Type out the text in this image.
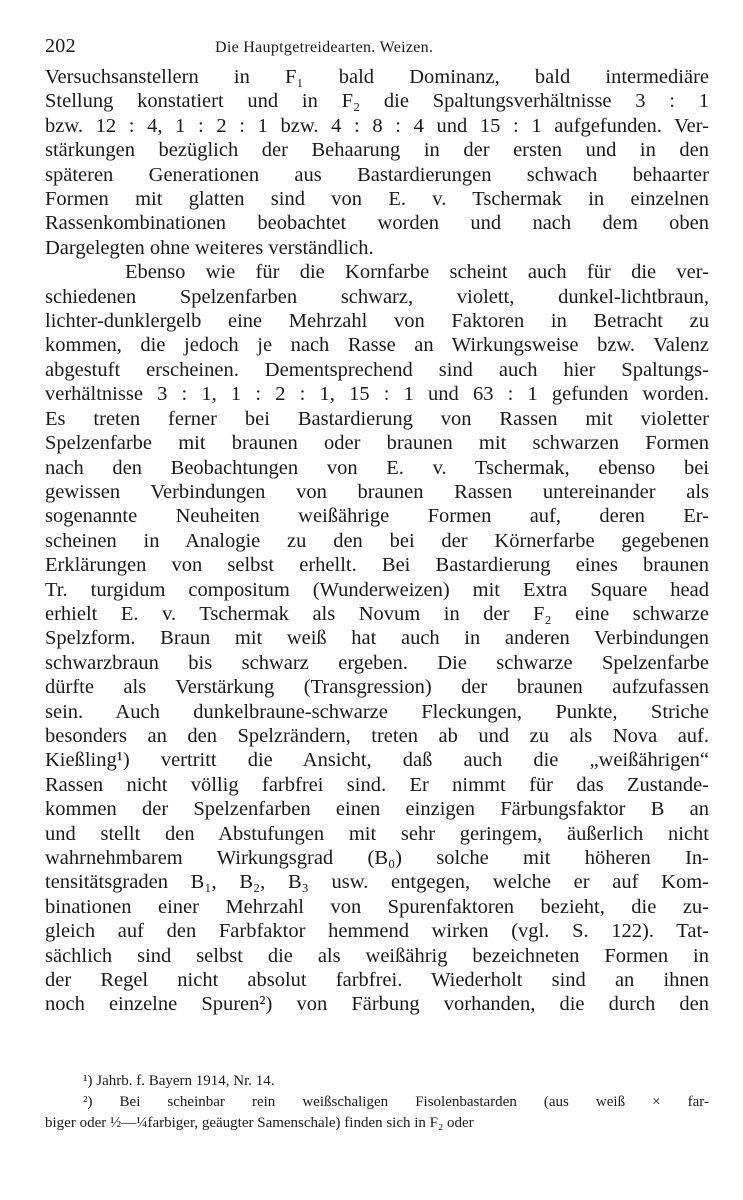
202	Die Hauptgetreidearten. Weizen.
Versuchsanstellern in F₁ bald Dominanz, bald intermediäre
Stellung konstatiert und in F₂ die Spaltungsverhältnisse 3 : 1
bzw. 12 : 4, 1 : 2 : 1 bzw. 4 : 8 : 4 und 15 : 1 aufgefunden. Ver-
stärkungen bezüglich der Behaarung in der ersten und in den
späteren Generationen aus Bastardierungen schwach behaarter
Formen mit glatten sind von E. v. Tschermak in einzelnen
Rassenkombinationen beobachtet worden und nach dem oben
Dargelegten ohne weiteres verständlich.
Ebenso wie für die Kornfarbe scheint auch für die ver-
schiedenen Spelzenfarben schwarz, violett, dunkel-lichtbraun,
lichter-dunklergelb eine Mehrzahl von Faktoren in Betracht zu
kommen, die jedoch je nach Rasse an Wirkungsweise bzw. Valenz
abgestuft erscheinen. Dementsprechend sind auch hier Spaltungs-
verhältnisse 3 : 1, 1 : 2 : 1, 15 : 1 und 63 : 1 gefunden worden.
Es treten ferner bei Bastardierung von Rassen mit violetter
Spelzenfarbe mit braunen oder braunen mit schwarzen Formen
nach den Beobachtungen von E. v. Tschermak, ebenso bei
gewissen Verbindungen von braunen Rassen untereinander als
sogenannte Neuheiten weißährige Formen auf, deren Er-
scheinen in Analogie zu den bei der Körnerfarbe gegebenen
Erklärungen von selbst erhellt. Bei Bastardierung eines braunen
Tr. turgidum compositum (Wunderweizen) mit Extra Square head
erhielt E. v. Tschermak als Novum in der F₂ eine schwarze
Spelzform. Braun mit weiß hat auch in anderen Verbindungen
schwarzbraun bis schwarz ergeben. Die schwarze Spelzenfarbe
dürfte als Verstärkung (Transgression) der braunen aufzufassen
sein. Auch dunkelbraune-schwarze Fleckungen, Punkte, Striche
besonders an den Spelzrändern, treten ab und zu als Nova auf.
Kießling¹) vertritt die Ansicht, daß auch die „weißährigen“
Rassen nicht völlig farbfrei sind. Er nimmt für das Zustande-
kommen der Spelzenfarben einen einzigen Färbungsfaktor B an
und stellt den Abstufungen mit sehr geringem, äußerlich nicht
wahrnehmbarem Wirkungsgrad (B₀) solche mit höheren In-
tensitätsgraden B₁, B₂, B₃ usw. entgegen, welche er auf Kom-
binationen einer Mehrzahl von Spurenfaktoren bezieht, die zu-
gleich auf den Farbfaktor hemmend wirken (vgl. S. 122). Tat-
sächlich sind selbst die als weißährig bezeichneten Formen in
der Regel nicht absolut farbfrei. Wiederholt sind an ihnen
noch einzelne Spuren²) von Färbung vorhanden, die durch den
¹) Jahrb. f. Bayern 1914, Nr. 14.
²) Bei scheinbar rein weißschaligen Fisolenbastarden (aus weiß × far-
biger oder ½—¼farbiger, geäugter Samenschale) finden sich in F₂ oder
